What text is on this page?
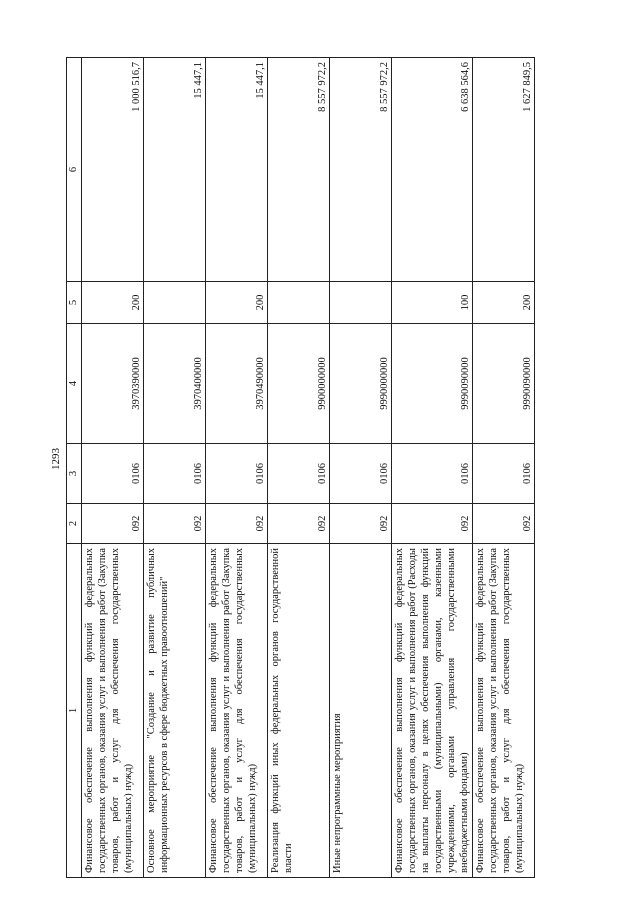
1293
1	2	3	4	5	6
Финансовое обеспечение выполнения функций федеральных государственных органов, оказания услуг и выполнения работ (Закупка товаров, работ и услуг для обеспечения государственных (муниципальных) нужд)	092	0106	3970390000	200	1 000 516,7
Основное мероприятие "Создание и развитие публичных информационных ресурсов в сфере бюджетных правоотношений"	092	0106	3970400000		15 447,1
Финансовое обеспечение выполнения функций федеральных государственных органов, оказания услуг и выполнения работ (Закупка товаров, работ и услуг для обеспечения государственных (муниципальных) нужд)	092	0106	3970490000	200	15 447,1
Реализация функций иных федеральных органов государственной власти	092	0106	9900000000		8 557 972,2
Иные непрограммные мероприятия	092	0106	9990000000		8 557 972,2
Финансовое обеспечение выполнения функций федеральных государственных органов, оказания услуг и выполнения работ (Расходы на выплаты персоналу в целях обеспечения выполнения функций государственными (муниципальными) органами, казенными учреждениями, органами управления государственными внебюджетными фондами)	092	0106	9990090000	100	6 638 564,6
Финансовое обеспечение выполнения функций федеральных государственных органов, оказания услуг и выполнения работ (Закупка товаров, работ и услуг для обеспечения государственных (муниципальных) нужд)	092	0106	9990090000	200	1 627 849,5
